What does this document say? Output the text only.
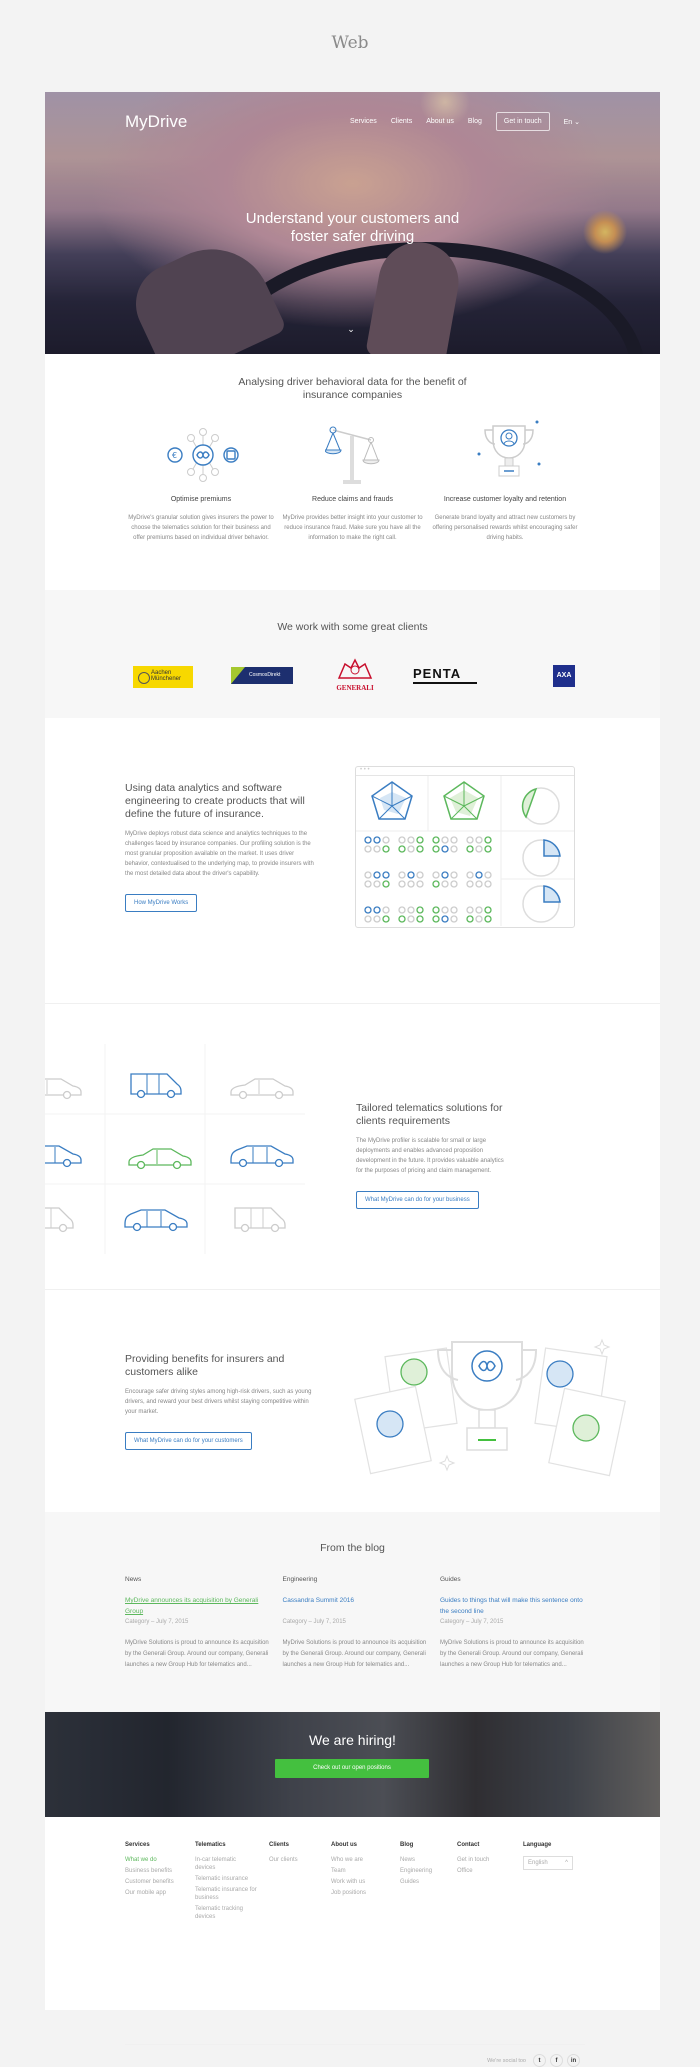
Web
MyDrive	Services Clients About us Blog	Get in touch	En ⌄
Understand your customers and
foster safer driving
⌄
Analysing driver behavioral data for the benefit of
insurance companies
€
Optimise premiums

MyDrive's granular solution gives insurers the power to choose the telematics solution for their business and offer premiums based on individual driver behavior.

Reduce claims and frauds

MyDrive provides better insight into your customer to reduce insurance fraud. Make sure you have all the information to make the right call.

Increase customer loyalty and retention

Generate brand loyalty and attract new customers by offering personalised rewards whilst encouraging safer driving habits.

We work with some great clients
Aachen Münchener
CosmosDirekt
GENERALI
PENTA	AXA
Using data analytics and software engineering to create products that will define the future of insurance.

MyDrive deploys robust data science and analytics techniques to the challenges faced by insurance companies. Our profiling solution is the most granular proposition available on the market. It uses driver behavior, contextualised to the underlying map, to provide insurers with the most detailed data about the driver's capability.

How MyDrive Works
• • •
Tailored telematics solutions for clients requirements

The MyDrive profiler is scalable for small or large deployments and enables advanced proposition development in the future. It provides valuable analytics for the purposes of pricing and claim management.

What MyDrive can do for your business
Providing benefits for insurers and customers alike

Encourage safer driving styles among high-risk drivers, such as young drivers, and reward your best drivers whilst staying competitive within your market.

What MyDrive can do for your customers
From the blog
News
MyDrive announces its acquisition by Generali Group
Category – July 7, 2015
MyDrive Solutions is proud to announce its acquisition by the Generali Group. Around our company, Generali launches a new Group Hub for telematics and...
Engineering
Cassandra Summit 2016
Category – July 7, 2015
MyDrive Solutions is proud to announce its acquisition by the Generali Group. Around our company, Generali launches a new Group Hub for telematics and...
Guides
Guides to things that will make this sentence onto the second line
Category – July 7, 2015
MyDrive Solutions is proud to announce its acquisition by the Generali Group. Around our company, Generali launches a new Group Hub for telematics and...
We are hiring!
Check out our open positions
Services
What we do
Business benefits
Customer benefits
Our mobile app
Telematics
In-car telematic devices
Telematic insurance
Telematic insurance for business
Telematic tracking devices
Clients
Our clients
About us
Who we are
Team
Work with us
Job positions
Blog
News
Engineering
Guides
Contact
Get in touch
Office
Language
English	^
We're social too	t	f	in
